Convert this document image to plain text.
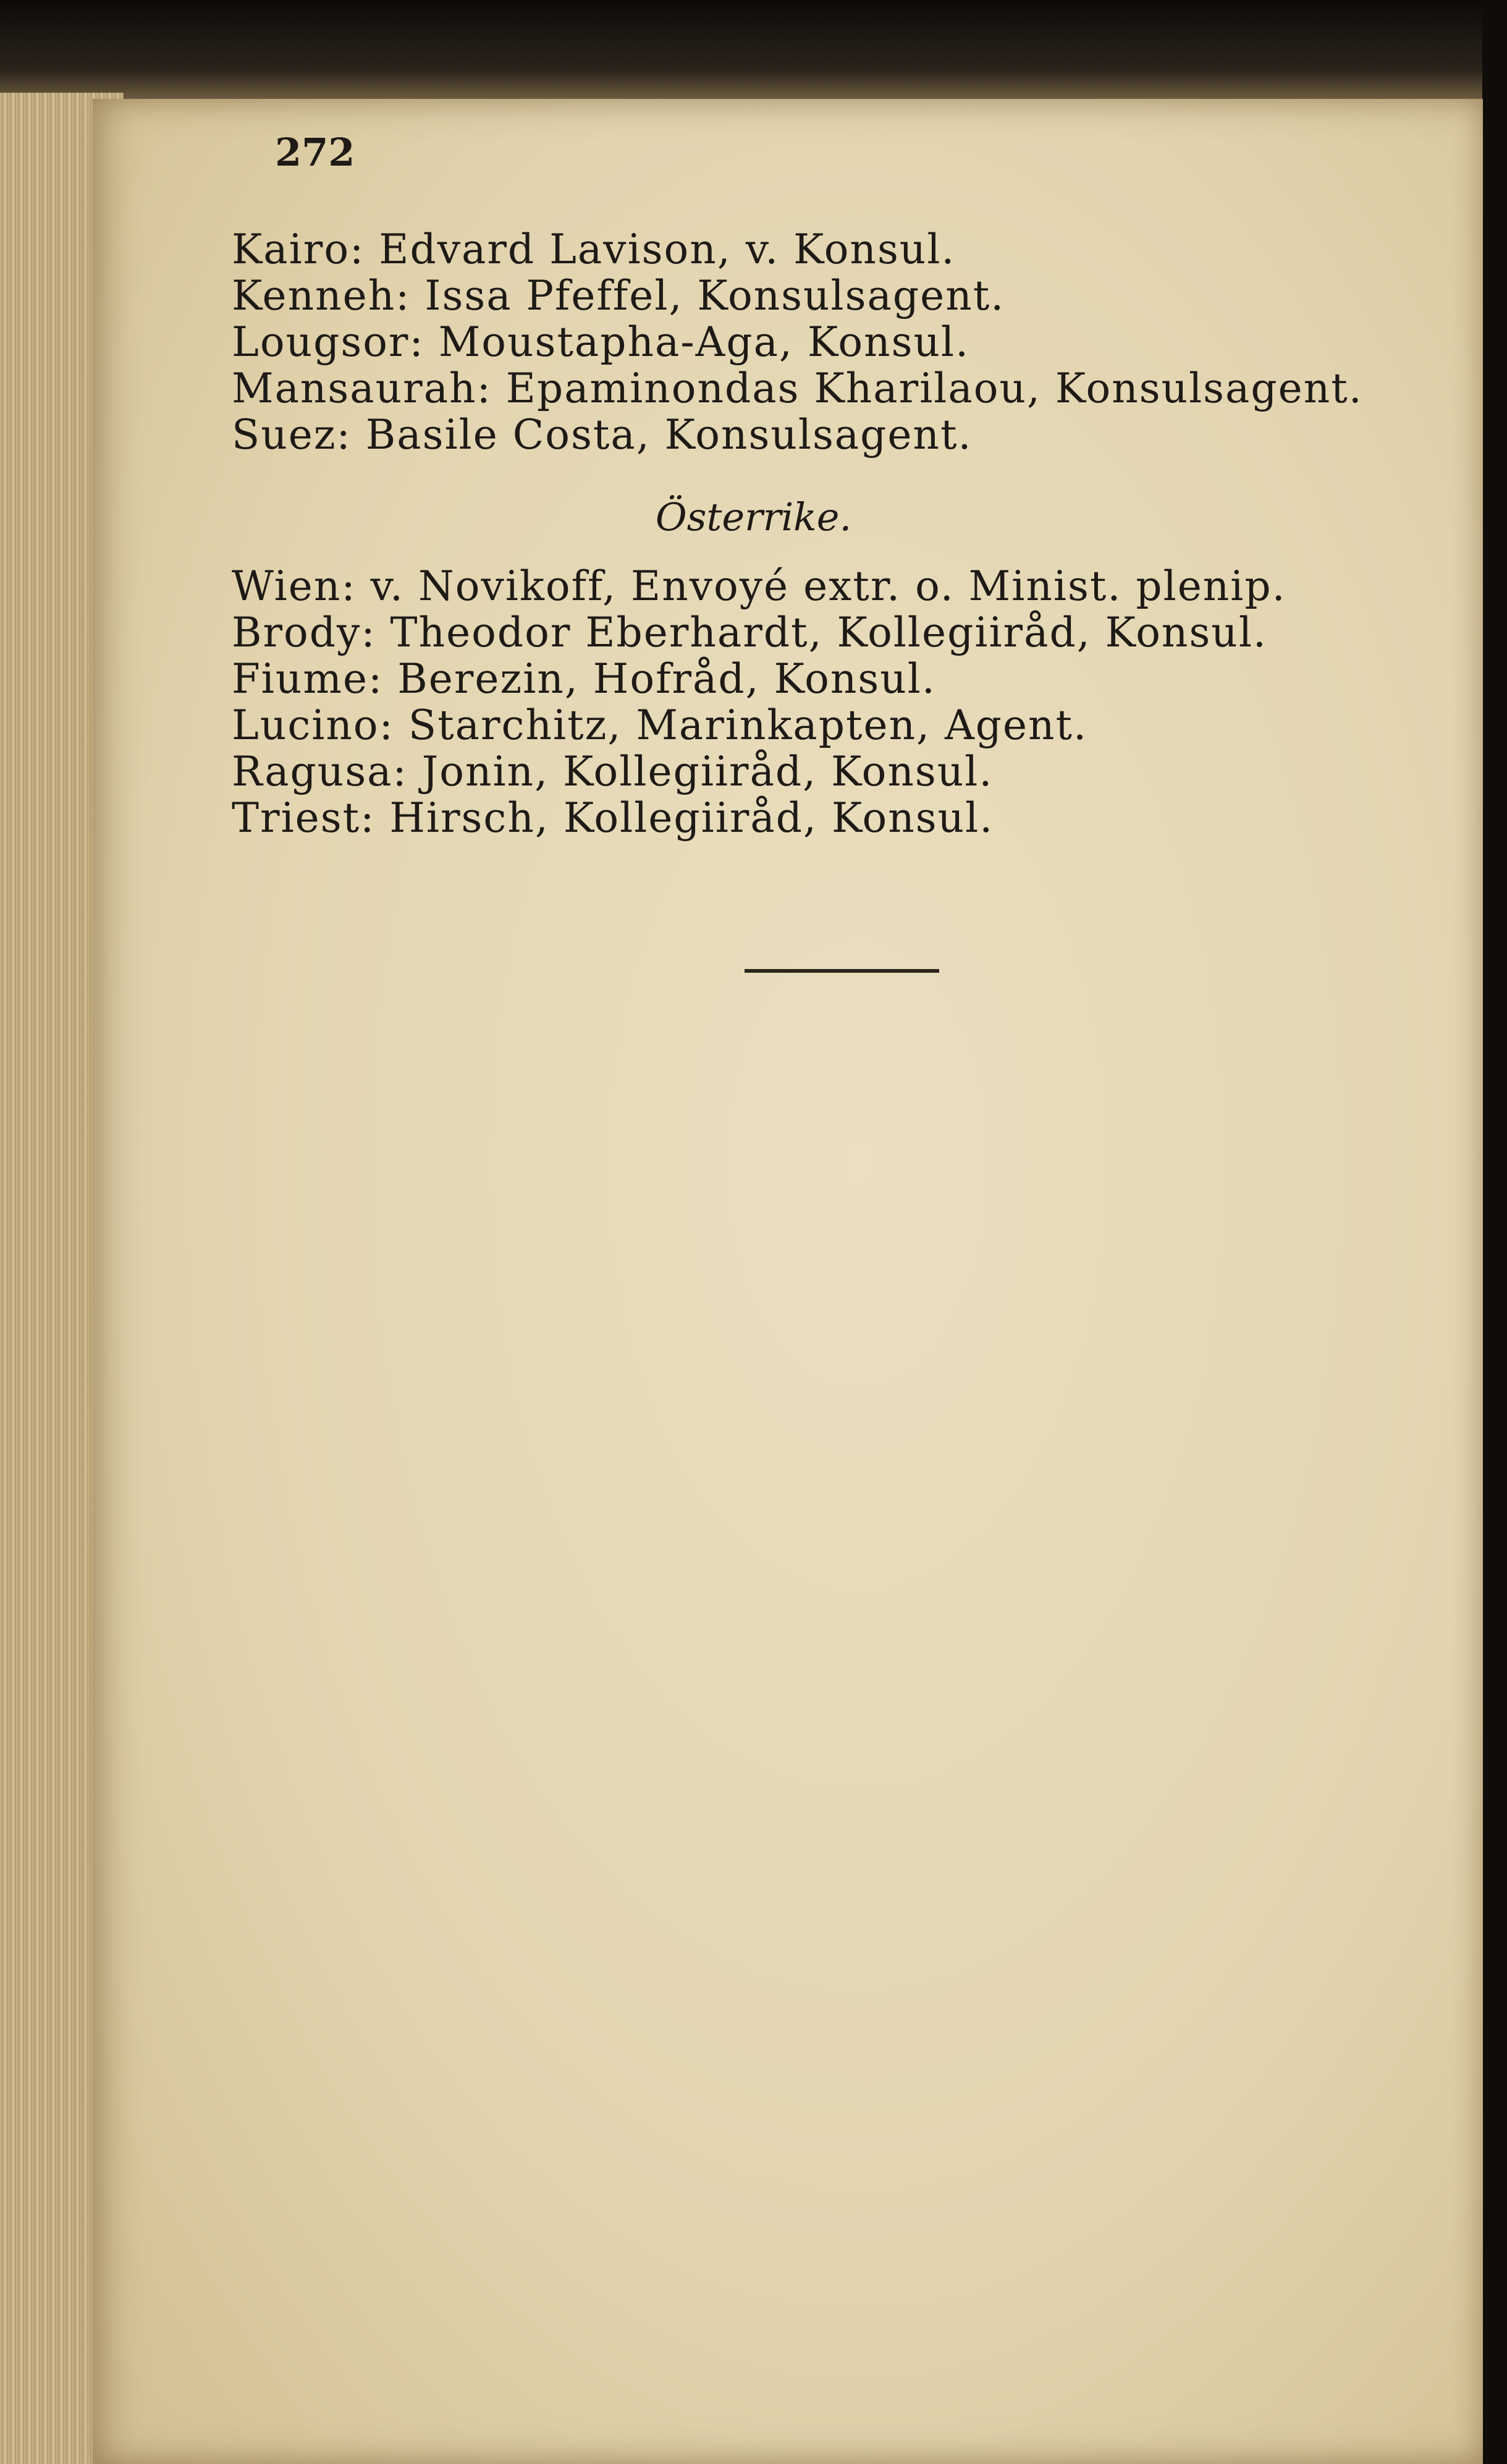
272
Kairo: Edvard Lavison, v. Konsul.
Kenneh: Issa Pfeffel, Konsulsagent.
Lougsor: Moustapha-Aga, Konsul.
Mansaurah: Epaminondas Kharilaou, Konsulsagent.
Suez: Basile Costa, Konsulsagent.
Österrike.
Wien: v. Novikoff, Envoyé extr. o. Minist. plenip.
Brody: Theodor Eberhardt, Kollegiiråd, Konsul.
Fiume: Berezin, Hofråd, Konsul.
Lucino: Starchitz, Marinkapten, Agent.
Ragusa: Jonin, Kollegiiråd, Konsul.
Triest: Hirsch, Kollegiiråd, Konsul.
